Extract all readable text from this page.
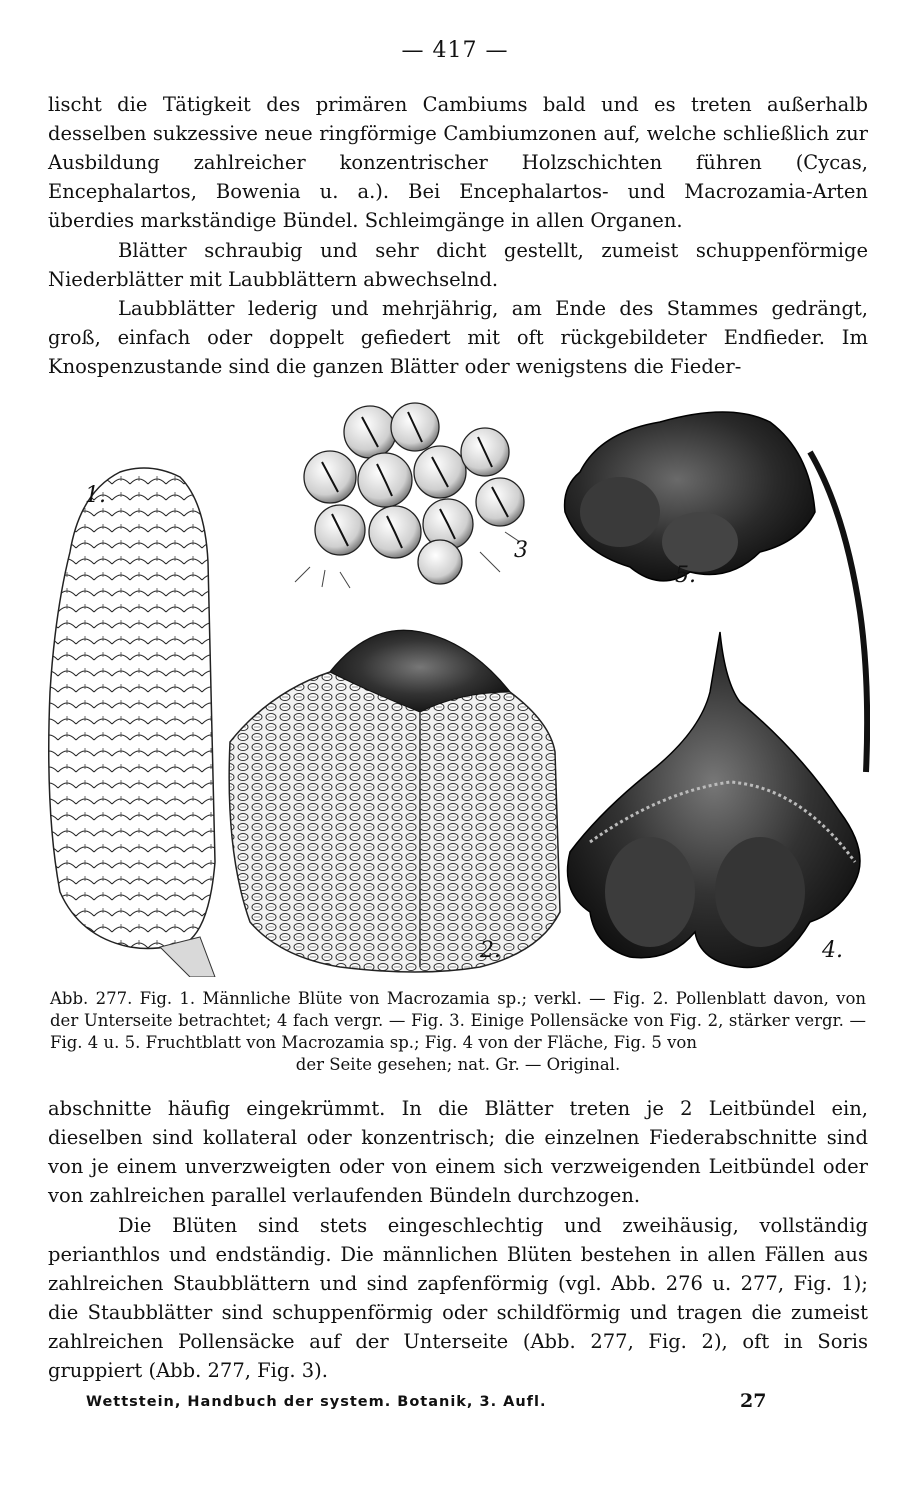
— 417 —
lischt die Tätigkeit des primären Cambiums bald und es treten außerhalb desselben sukzessive neue ringförmige Cambiumzonen auf, welche schließlich zur Ausbildung zahlreicher konzentrischer Holzschichten führen (Cycas, Encephalartos, Bowenia u. a.). Bei Encephalartos- und Macrozamia-Arten überdies markständige Bündel. Schleimgänge in allen Organen.
Blätter schraubig und sehr dicht gestellt, zumeist schuppenförmige Niederblätter mit Laubblättern abwechselnd.
Laubblätter lederig und mehrjährig, am Ende des Stammes gedrängt, groß, einfach oder doppelt gefiedert mit oft rückgebildeter Endfieder. Im Knospenzustande sind die ganzen Blätter oder wenigstens die Fieder-
1.
2.
3
4.
5.
Abb. 277. Fig. 1. Männliche Blüte von Macrozamia sp.; verkl. — Fig. 2. Pollenblatt davon, von der Unterseite betrachtet; 4 fach vergr. — Fig. 3. Einige Pollensäcke von Fig. 2, stärker vergr. — Fig. 4 u. 5. Fruchtblatt von Macrozamia sp.; Fig. 4 von der Fläche, Fig. 5 von
der Seite gesehen; nat. Gr. — Original.
abschnitte häufig eingekrümmt. In die Blätter treten je 2 Leitbündel ein, dieselben sind kollateral oder konzentrisch; die einzelnen Fiederabschnitte sind von je einem unverzweigten oder von einem sich verzweigenden Leitbündel oder von zahlreichen parallel verlaufenden Bündeln durchzogen.
Die Blüten sind stets eingeschlechtig und zweihäusig, vollständig perianthlos und endständig. Die männlichen Blüten bestehen in allen Fällen aus zahlreichen Staubblättern und sind zapfenförmig (vgl. Abb. 276 u. 277, Fig. 1); die Staubblätter sind schuppenförmig oder schildförmig und tragen die zumeist zahlreichen Pollensäcke auf der Unterseite (Abb. 277, Fig. 2), oft in Soris gruppiert (Abb. 277, Fig. 3).
Wettstein, Handbuch der system. Botanik, 3. Aufl.	27
